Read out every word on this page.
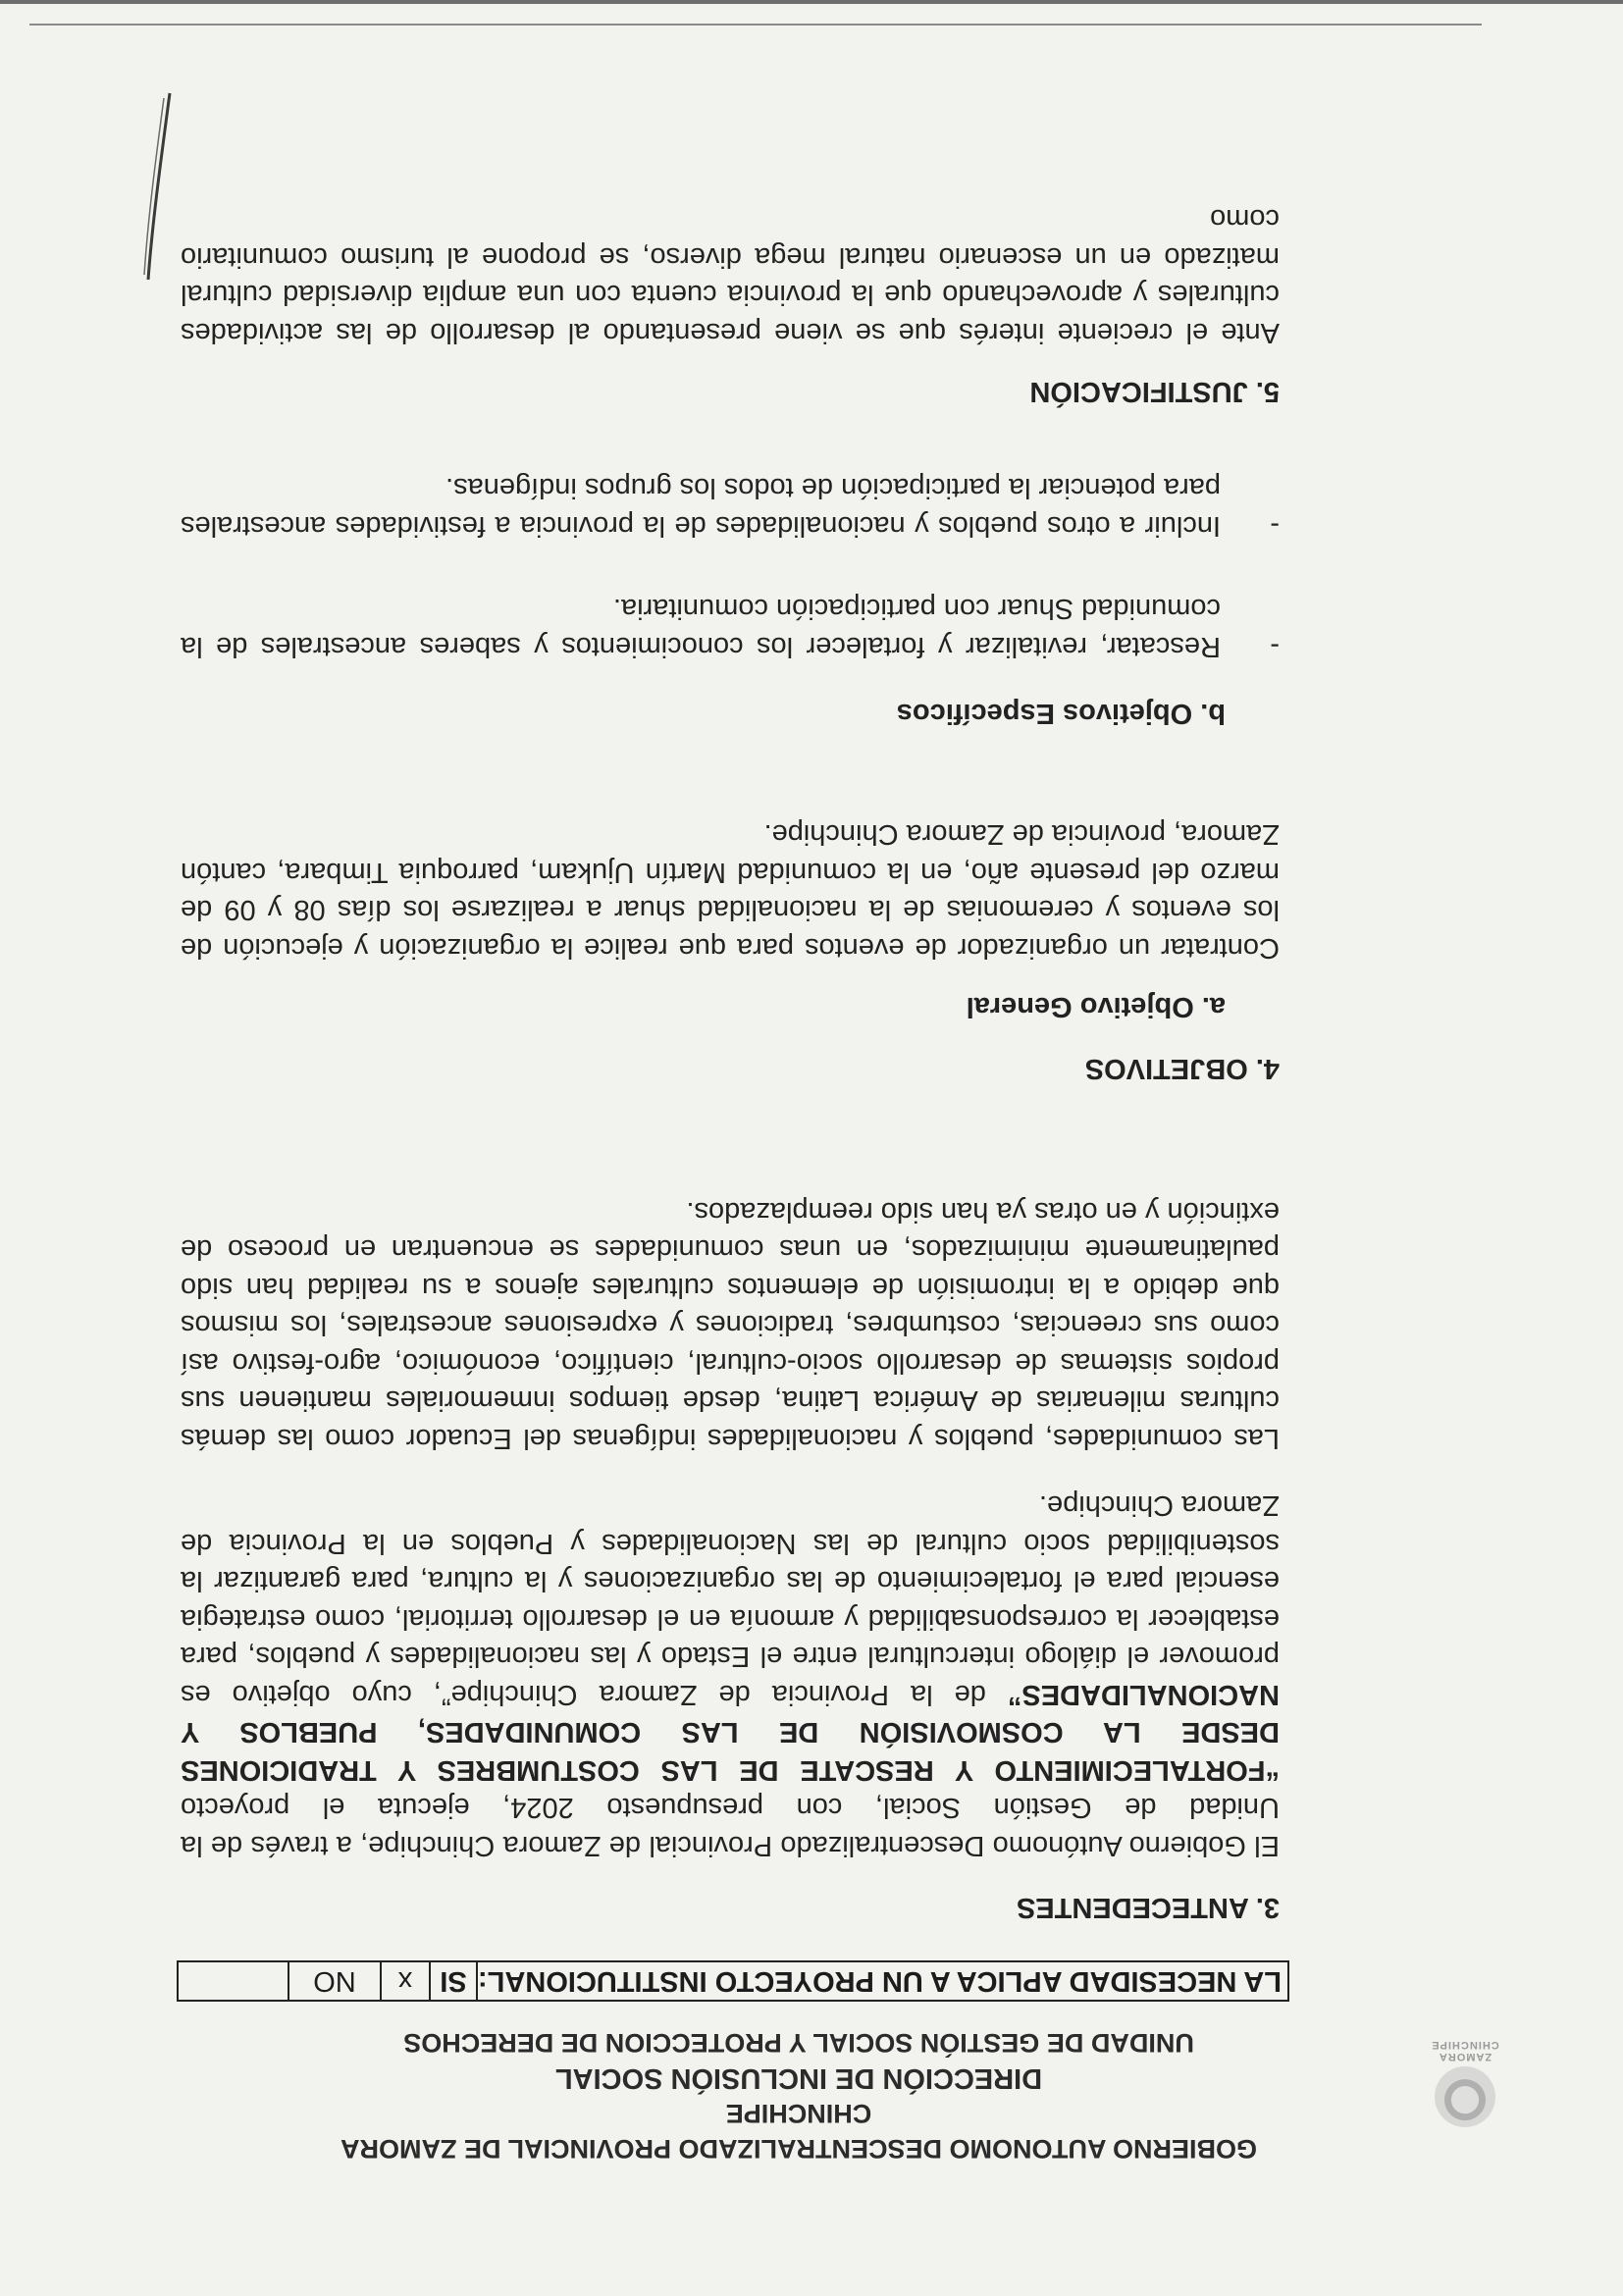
ZAMORA CHINCHIPE
GOBIERNO AUTONOMO DESCENTRALIZADO PROVINCIAL DE ZAMORA
CHINCHIPE
DIRECCIÓN DE INCLUSIÓN SOCIAL
UNIDAD DE GESTIÓN SOCIAL Y PROTECCION DE DERECHOS
LA NECESIDAD APLICA A UN PROYECTO INSTITUCIONAL:
SI
x
NO
3. ANTECEDENTES
El Gobierno Autónomo Descentralizado Provincial de Zamora Chinchipe, a través de la Unidad de Gestión Social, con presupuesto 2024, ejecuta el proyecto “FORTALECIMIENTO Y RESCATE DE LAS COSTUMBRES Y TRADICIONES DESDE LA COSMOVISIÓN DE LAS COMUNIDADES, PUEBLOS Y NACIONALIDADES” de la Provincia de Zamora Chinchipe”, cuyo objetivo es promover el diálogo intercultural entre el Estado y las nacionalidades y pueblos, para establecer la corresponsabilidad y armonía en el desarrollo territorial, como estrategia esencial para el fortalecimiento de las organizaciones y la cultura, para garantizar la sostenibilidad socio cultural de las Nacionalidades y Pueblos en la Provincia de Zamora Chinchipe.
Las comunidades, pueblos y nacionalidades indígenas del Ecuador como las demás culturas milenarias de América Latina, desde tiempos inmemoriales mantienen sus propios sistemas de desarrollo socio-cultural, científico, económico, agro-festivo así como sus creencias, costumbres, tradiciones y expresiones ancestrales, los mismos que debido a la intromisión de elementos culturales ajenos a su realidad han sido paulatinamente minimizados, en unas comunidades se encuentran en proceso de extinción y en otras ya han sido reemplazados.
4. OBJETIVOS
a. Objetivo General
Contratar un organizador de eventos para que realice la organización y ejecución de los eventos y ceremonias de la nacionalidad shuar a realizarse los días 08 y 09 de marzo del presente año, en la comunidad Martín Ujukam, parroquia Timbara, cantón Zamora, provincia de Zamora Chinchipe.
b. Objetivos Específicos
-
Rescatar, revitalizar y fortalecer los conocimientos y saberes ancestrales de la comunidad Shuar con participación comunitaria.
-
Incluir a otros pueblos y nacionalidades de la provincia a festividades ancestrales para potenciar la participación de todos los grupos indígenas.
5. JUSTIFICACIÓN
Ante el creciente interés que se viene presentando al desarrollo de las actividades culturales y aprovechando que la provincia cuenta con una amplia diversidad cultural matizado en un escenario natural mega diverso, se propone al turismo comunitario como
